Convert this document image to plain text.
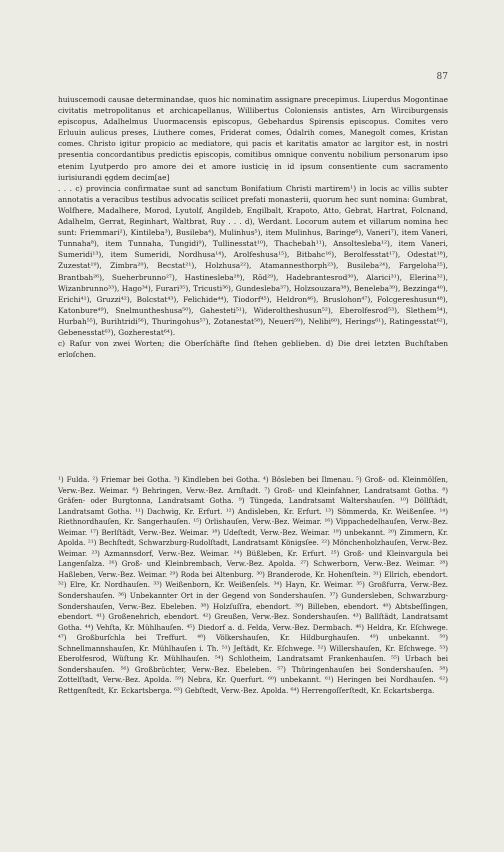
87
huiuscemodi causae determinandae, quos hic nominatim assignare precepimus. Liuperdus Mogontinae civitatis metropolitanus et archicapellanus, Willibertus Coloniensis antistes, Arn Wirciburgensis episcopus, Adalhelmus Uuormacensis episcopus, Gebehardus Spirensis episcopus. Comites vero Erluuin aulicus preses, Liuthere comes, Friderat comes, Ódalrih comes, Manegolt comes, Kristan comes. Christo igitur propicio ac mediatore, qui pacis et karitatis amator ac largitor est, in nostri presentia concordantibus predictis episcopis, comitibus omnique conventu nobilium personarum ipso etenim Lyutperdo pro amore dei et amore iusticię in id ipsum consentiente cum sacramento iurisiurandi ęgdem decim[ae]
. . . c) provincia confirmatae sunt ad sanctum Bonifatium Christi martirem¹) in locis ac villis subter annotatis a veracibus testibus advocatis scilicet prefati monasterii, quorum hec sunt nomina: Gumbrat, Wolfhere, Madalhere, Morod, Lyutolf, Angildeb, Engilbalt, Krapoto, Atto, Gebrat, Hartrat, Folcnand, Adalhelm, Gerrat, Reginhart, Waltbrat, Ruy . . . d), Werdant. Locorum autem et villarum nomina hec sunt: Friemmari²), Kintileba³), Busileba⁴), Mulinhus⁵), item Mulinhus, Baringe⁶), Vaneri⁷), item Vaneri, Tunnaha⁸), item Tunnaha, Tungidi⁹), Tullinesstat¹⁰), Thachebah¹¹), Ansoltesleba¹²), item Vaneri, Sumeridi¹³), item Sumeridi, Nordhusa¹⁴), Arolfeshusa¹⁵), Bitbahc¹⁶), Berolfesstat¹⁷), Odestat¹⁸), Zuzestat¹⁹), Zimbra²⁰), Becstat²¹), Holzhusa²²), Atamannesthorph²³), Busileba²⁴), Fargeloha²⁵), Brantbah²⁶), Sueherbrunno²⁷), Hastinesleba²⁸), Rōd²⁹), Hadebrantesrod³⁰), Alarici³¹), Elerina³²), Wizanbrunno³³), Hago³⁴), Furari³⁵), Tricusti³⁶), Gundesleba³⁷), Holzsouzara³⁸), Beneleba³⁹), Bezzinga⁴⁰), Erichi⁴¹), Gruzzi⁴²), Bolcstat⁴³), Felichide⁴⁴), Tiodorf⁴⁵), Heldron⁴⁶), Bruslohon⁴⁷), Folcgereshusun⁴⁸), Katonbure⁴⁹), Snelmuntheshusa⁵⁰), Gahesteti⁵¹), Wideroltheshusun⁵²), Eberolfesrod⁵³), Slethem⁵⁴), Hurbah⁵⁵), Burihtridi⁵⁶), Thuringohus⁵⁷), Zotanestat⁵⁸), Neueri⁵⁹), Nelibi⁶⁰), Herings⁶¹), Ratingesstat⁶²), Gebenesstat⁶³), Gozherestat⁶⁴).
c) Raſur von zwei Worten; die Oberſchäfte ſind ſtehen geblieben. d) Die drei letzten Buchſtaben erloſchen.
¹) Fulda. ²) Friemar bei Gotha. ³) Kindleben bei Gotha. ⁴) Bösleben bei Ilmenau. ⁵) Groß- od. Kleinmölſen, Verw.-Bez. Weimar. ⁶) Behringen, Verw.-Bez. Arnſtadt. ⁷) Groß- und Kleinfahner, Landratsamt Gotha. ⁸) Gräfen- oder Burgtonna, Landratsamt Gotha. ⁹) Tüngeda, Landratsamt Waltershauſen. ¹⁰) Döllſtädt, Landratsamt Gotha. ¹¹) Dachwig, Kr. Erfurt. ¹²) Andisleben, Kr. Erfurt. ¹³) Sömmerda, Kr. Weißenſee. ¹⁴) Riethnordhauſen, Kr. Sangerhauſen. ¹⁵) Orlishauſen, Verw.-Bez. Weimar. ¹⁶) Vippachedelhauſen, Verw.-Bez. Weimar. ¹⁷) Berlſtädt, Verw.-Bez. Weimar. ¹⁸) Udeſtedt, Verw.-Bez. Weimar. ¹⁹) unbekannt. ²⁰) Zimmern, Kr. Apolda. ²¹) Bechſtedt, Schwarzburg-Rudolſtadt, Landratsamt Königsſee. ²²) Mönchenholzhauſen, Verw.-Bez. Weimar. ²³) Azmannsdorf, Verw.-Bez. Weimar. ²⁴) Büßleben, Kr. Erfurt. ²⁵) Groß- und Kleinvargula bei Langenſalza. ²⁶) Groß- und Kleinbrembach, Verw.-Bez. Apolda. ²⁷) Schwerborn, Verw.-Bez. Weimar. ²⁸) Haßleben, Verw.-Bez. Weimar. ²⁹) Roda bei Altenburg. ³⁰) Branderode, Kr. Hohenſtein. ³¹) Ellrich, ebendort. ³²) Elre, Kr. Nordhauſen. ³³) Weißenborn, Kr. Weißenſels. ³⁴) Hayn, Kr. Weimar. ³⁵) Großfurra, Verw.-Bez. Sondershauſen. ³⁶) Unbekannter Ort in der Gegend von Sondershauſen. ³⁷) Gundersleben, Schwarzburg-Sondershauſen, Verw.-Bez. Ebeleben. ³⁸) Holzſuſſra, ebendort. ³⁹) Billeben, ebendort. ⁴⁰) Abtsbeſſingen, ebendort. ⁴¹) Großenehrich, ebendort. ⁴²) Greußen, Verw.-Bez. Sondershauſen. ⁴³) Ballſtädt, Landratsamt Gotha. ⁴⁴) Vehſta, Kr. Mühlhauſen. ⁴⁵) Diedorf a. d. Felda, Verw.-Bez. Dermbach. ⁴⁶) Heldra, Kr. Eſchwege. ⁴⁷) Großburſchla bei Treffurt. ⁴⁸) Völkershauſen, Kr. Hildburghauſen. ⁴⁹) unbekannt. ⁵⁰) Schnellmannshauſen, Kr. Mühlhauſen i. Th. ⁵¹) Jeſtädt, Kr. Eſchwege. ⁵²) Willershauſen, Kr. Eſchwege. ⁵³) Eberolfesrod, Wüſtung Kr. Mühlhauſen. ⁵⁴) Schlotheim, Landratsamt Frankenhauſen. ⁵⁵) Urbach bei Sondershauſen. ⁵⁶) Großbrüchter, Verw.-Bez. Ebeleben. ⁵⁷) Thüringenhauſen bei Sondershauſen. ⁵⁸) Zottelſtadt, Verw.-Bez. Apolda. ⁵⁹) Nebra, Kr. Querfurt. ⁶⁰) unbekannt. ⁶¹) Heringen bei Nordhauſen. ⁶²) Rettgenſtedt, Kr. Eckartsberga. ⁶³) Gebſtedt, Verw.-Bez. Apolda. ⁶⁴) Herrengoſſerſtedt, Kr. Eckartsberga.
